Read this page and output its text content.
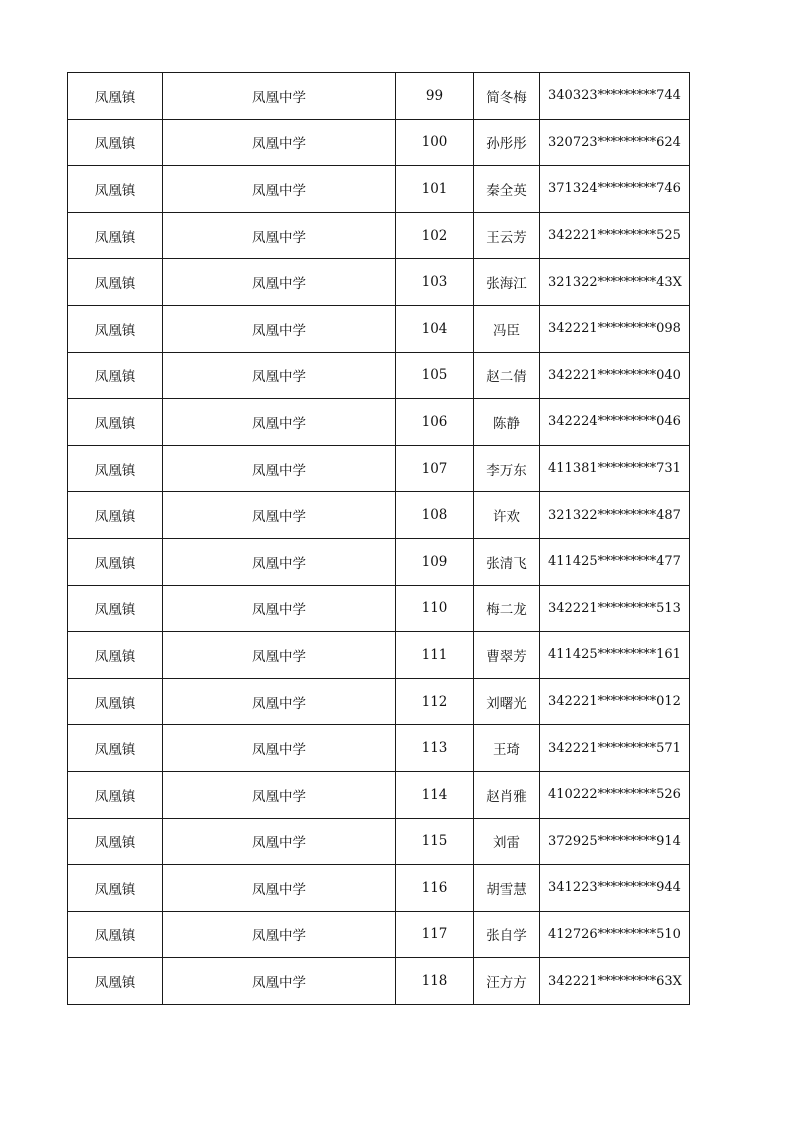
凤凰镇	凤凰中学	99	简冬梅	340323*********744
凤凰镇	凤凰中学	100	孙彤彤	320723*********624
凤凰镇	凤凰中学	101	秦全英	371324*********746
凤凰镇	凤凰中学	102	王云芳	342221*********525
凤凰镇	凤凰中学	103	张海江	321322*********43X
凤凰镇	凤凰中学	104	冯臣	342221*********098
凤凰镇	凤凰中学	105	赵二倩	342221*********040
凤凰镇	凤凰中学	106	陈静	342224*********046
凤凰镇	凤凰中学	107	李万东	411381*********731
凤凰镇	凤凰中学	108	许欢	321322*********487
凤凰镇	凤凰中学	109	张清飞	411425*********477
凤凰镇	凤凰中学	110	梅二龙	342221*********513
凤凰镇	凤凰中学	111	曹翠芳	411425*********161
凤凰镇	凤凰中学	112	刘曙光	342221*********012
凤凰镇	凤凰中学	113	王琦	342221*********571
凤凰镇	凤凰中学	114	赵肖雅	410222*********526
凤凰镇	凤凰中学	115	刘雷	372925*********914
凤凰镇	凤凰中学	116	胡雪慧	341223*********944
凤凰镇	凤凰中学	117	张自学	412726*********510
凤凰镇	凤凰中学	118	汪方方	342221*********63X
